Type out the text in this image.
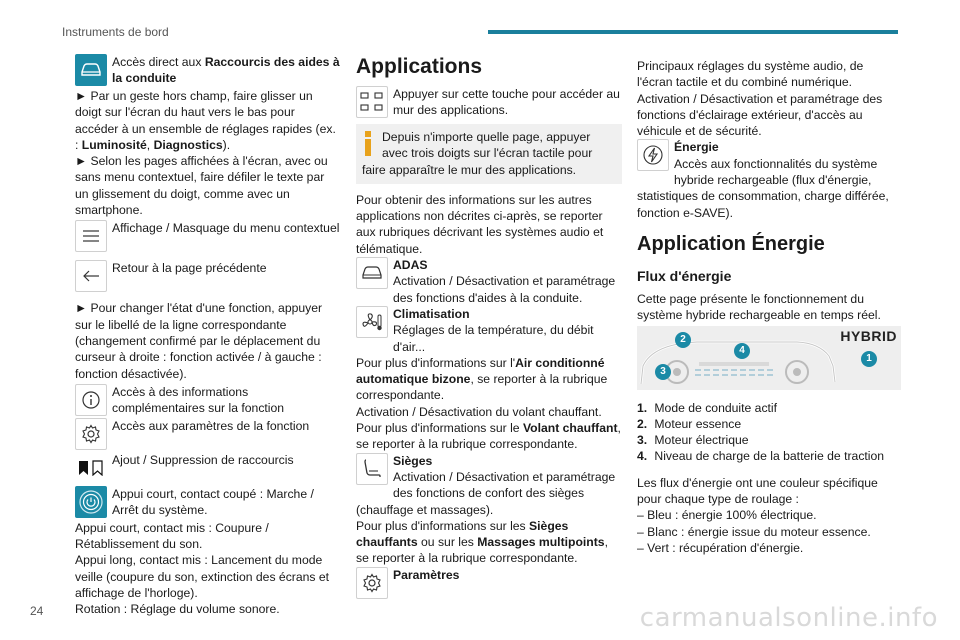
Instruments de bord

Accès direct aux Raccourcis des aides à la conduite

► Par un geste hors champ, faire glisser un doigt sur l'écran du haut vers le bas pour accéder à un ensemble de réglages rapides (ex. : Luminosité, Diagnostics).

► Selon les pages affichées à l'écran, avec ou sans menu contextuel, faire défiler le texte par un glissement du doigt, comme avec un smartphone.

Affichage / Masquage du menu contextuel

Retour à la page précédente

► Pour changer l'état d'une fonction, appuyer sur le libellé de la ligne correspondante (changement confirmé par le déplacement du curseur à droite : fonction activée / à gauche : fonction désactivée).

Accès à des informations complémentaires sur la fonction

Accès aux paramètres de la fonction

Ajout / Suppression de raccourcis

Appui court, contact coupé : Marche / Arrêt du système.

Appui court, contact mis : Coupure / Rétablissement du son.

Appui long, contact mis : Lancement du mode veille (coupure du son, extinction des écrans et affichage de l'horloge).

Rotation : Réglage du volume sonore.

Applications

Appuyer sur cette touche pour accéder au mur des applications.

Depuis n'importe quelle page, appuyer avec trois doigts sur l'écran tactile pour faire apparaître le mur des applications.

Pour obtenir des informations sur les autres applications non décrites ci-après, se reporter aux rubriques décrivant les systèmes audio et télématique.

ADAS

Activation / Désactivation et paramétrage des fonctions d'aides à la conduite.

Climatisation

Réglages de la température, du débit d'air...

Pour plus d'informations sur l'Air conditionné automatique bizone, se reporter à la rubrique correspondante.

Activation / Désactivation du volant chauffant.

Pour plus d'informations sur le Volant chauffant, se reporter à la rubrique correspondante.

Sièges

Activation / Désactivation et paramétrage des fonctions de confort des sièges (chauffage et massages).

Pour plus d'informations sur les Sièges chauffants ou sur les Massages multipoints, se reporter à la rubrique correspondante.

Paramètres

Principaux réglages du système audio, de l'écran tactile et du combiné numérique.

Activation / Désactivation et paramétrage des fonctions d'éclairage extérieur, d'accès au véhicule et de sécurité.

Énergie

Accès aux fonctionnalités du système hybride rechargeable (flux d'énergie, statistiques de consommation, charge différée, fonction e-SAVE).

Application Énergie
Flux d'énergie

Cette page présente le fonctionnement du système hybride rechargeable en temps réel.

HYBRID
1
2
3
4

1. Mode de conduite actif

2. Moteur essence

3. Moteur électrique

4. Niveau de charge de la batterie de traction

Les flux d'énergie ont une couleur spécifique pour chaque type de roulage :

– Bleu : énergie 100% électrique.

– Blanc : énergie issue du moteur essence.

– Vert : récupération d'énergie.

24	carmanualsonline.info
